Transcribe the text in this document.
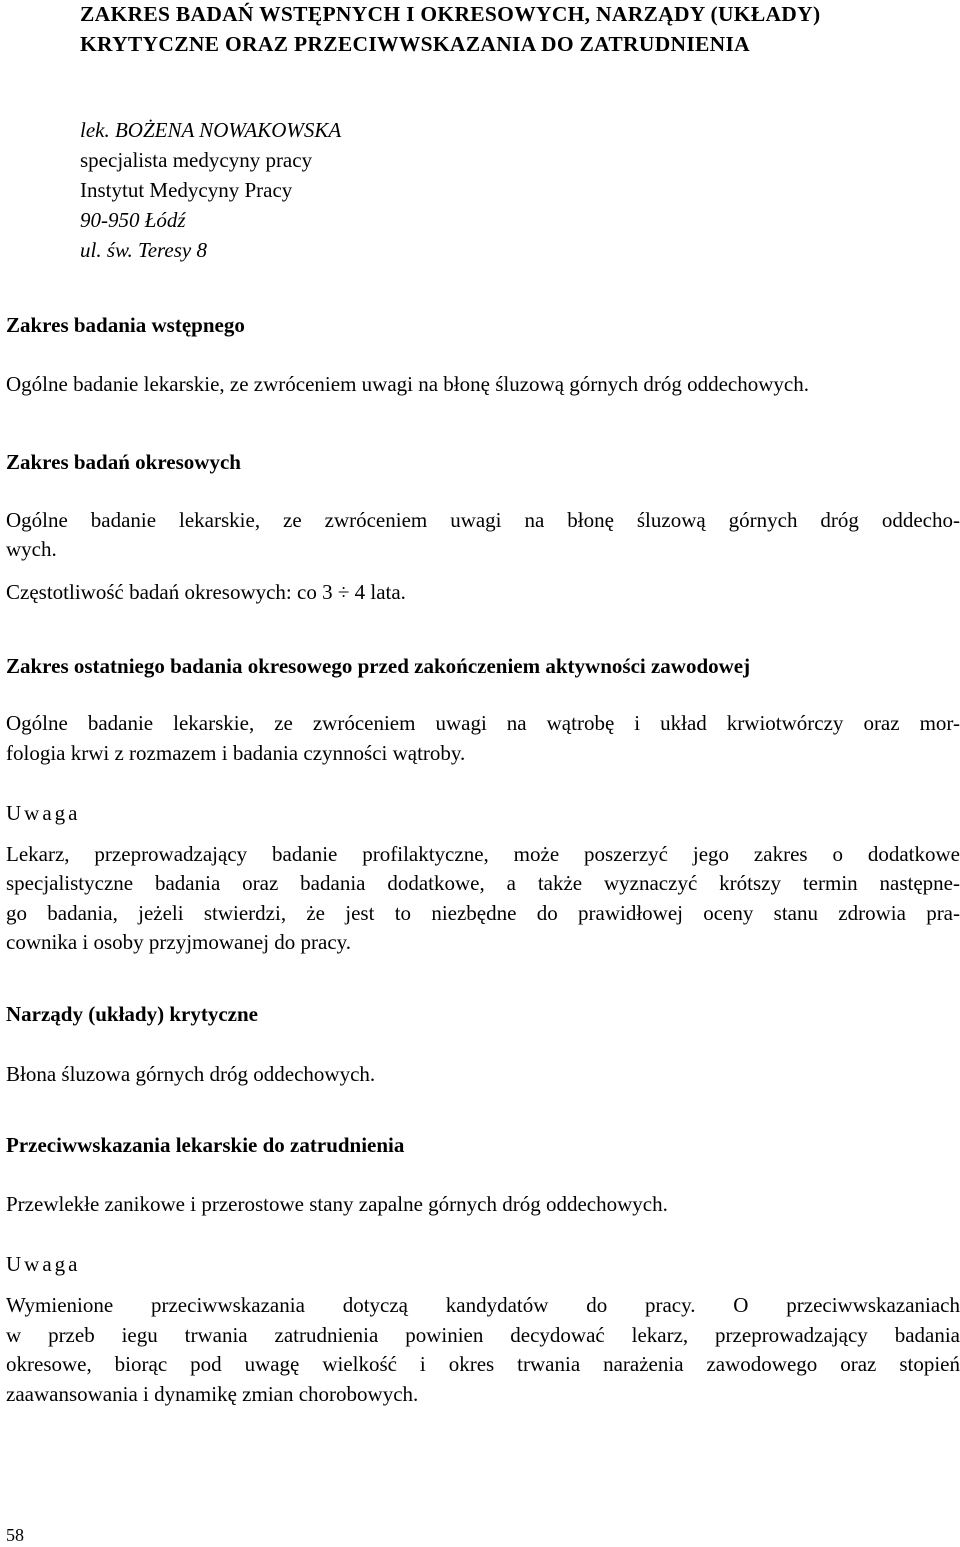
ZAKRES BADAŃ WSTĘPNYCH I OKRESOWYCH, NARZĄDY (UKŁADY)

KRYTYCZNE ORAZ PRZECIWWSKAZANIA DO ZATRUDNIENIA

lek. BOŻENA NOWAKOWSKA

specjalista medycyny pracy

Instytut Medycyny Pracy

90-950 Łódź

ul. św. Teresy 8

Zakres badania wstępnego

Ogólne badanie lekarskie, ze zwróceniem uwagi na błonę śluzową górnych dróg oddechowych.

Zakres badań okresowych

Ogólne badanie lekarskie, ze zwróceniem uwagi na błonę śluzową górnych dróg oddecho-

wych.

Częstotliwość badań okresowych: co 3 ÷ 4 lata.

Zakres ostatniego badania okresowego przed zakończeniem aktywności zawodowej

Ogólne badanie lekarskie, ze zwróceniem uwagi na wątrobę i układ krwiotwórczy oraz mor-

fologia krwi z rozmazem i badania czynności wątroby.

Uwaga

Lekarz, przeprowadzający badanie profilaktyczne, może poszerzyć jego zakres o dodatkowe

specjalistyczne badania oraz badania dodatkowe, a także wyznaczyć krótszy termin następne-

go badania, jeżeli stwierdzi, że jest to niezbędne do prawidłowej oceny stanu zdrowia pra-

cownika i osoby przyjmowanej do pracy.

Narządy (układy) krytyczne

Błona śluzowa górnych dróg oddechowych.

Przeciwwskazania lekarskie do zatrudnienia

Przewlekłe zanikowe i przerostowe stany zapalne górnych dróg oddechowych.

Uwaga

Wymienione przeciwwskazania dotyczą kandydatów do pracy. O przeciwwskazaniach

w przeb iegu trwania zatrudnienia powinien decydować lekarz, przeprowadzający badania

okresowe, biorąc pod uwagę wielkość i okres trwania narażenia zawodowego oraz stopień

zaawansowania i dynamikę zmian chorobowych.

58
